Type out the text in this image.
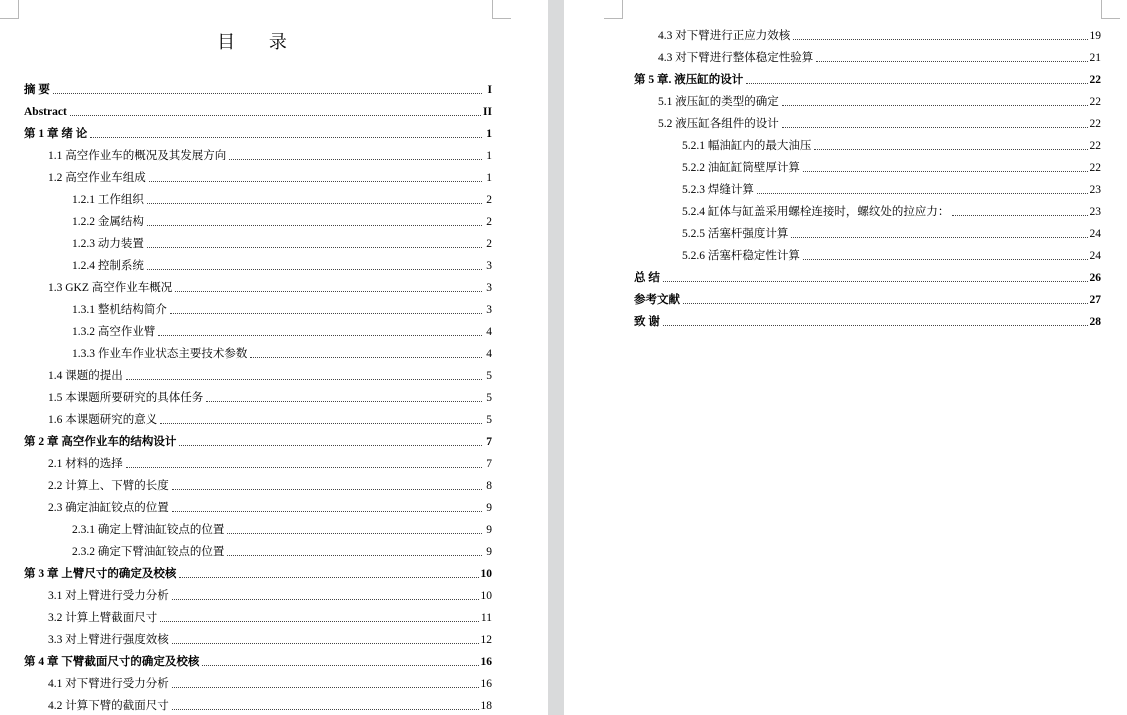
目 录
摘 要	I
Abstract	II
第 1 章 绪 论	1
1.1 高空作业车的概况及其发展方向	1
1.2 高空作业车组成	1
1.2.1 工作组织	2
1.2.2 金属结构	2
1.2.3 动力装置	2
1.2.4 控制系统	3
1.3 GKZ 高空作业车概况	3
1.3.1 整机结构简介	3
1.3.2 高空作业臂	4
1.3.3 作业车作业状态主要技术参数	4
1.4 课题的提出	5
1.5 本课题所要研究的具体任务	5
1.6 本课题研究的意义	5
第 2 章 高空作业车的结构设计	7
2.1 材料的选择	7
2.2 计算上、下臂的长度	8
2.3 确定油缸铰点的位置	9
2.3.1 确定上臂油缸铰点的位置	9
2.3.2 确定下臂油缸铰点的位置	9
第 3 章 上臂尺寸的确定及校核	10
3.1 对上臂进行受力分析	10
3.2 计算上臂截面尺寸	11
3.3 对上臂进行强度效核	12
第 4 章 下臂截面尺寸的确定及校核	16
4.1 对下臂进行受力分析	16
4.2 计算下臂的截面尺寸	18
4.3 对下臂进行正应力效核	19
4.3 对下臂进行整体稳定性验算	21
第 5 章. 液压缸的设计	22
5.1 液压缸的类型的确定	22
5.2 液压缸各组件的设计	22
5.2.1 幅油缸内的最大油压	22
5.2.2 油缸缸筒壁厚计算	22
5.2.3 焊缝计算	23
5.2.4 缸体与缸盖采用螺栓连接时，螺纹处的拉应力：	23
5.2.5 活塞杆强度计算	24
5.2.6 活塞杆稳定性计算	24
总 结	26
参考文献	27
致 谢	28
